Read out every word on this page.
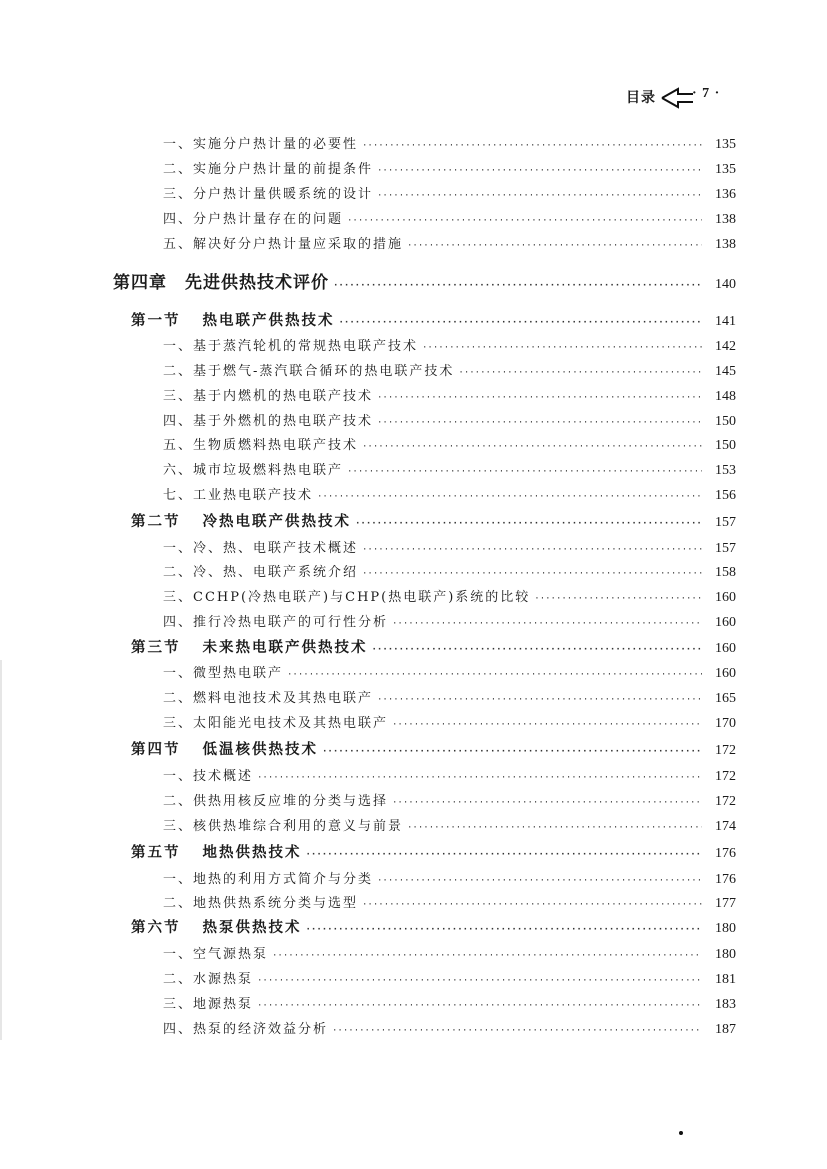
目录	· 7 ·
一、实施分户热计量的必要性 ·····	135
二、实施分户热计量的前提条件 ·····	135
三、分户热计量供暖系统的设计 ·····	136
四、分户热计量存在的问题 ·····	138
五、解决好分户热计量应采取的措施 ·····	138
第四章 先进供热技术评价 ·····	140
第一节 热电联产供热技术 ·····	141
一、基于蒸汽轮机的常规热电联产技术 ·····	142
二、基于燃气-蒸汽联合循环的热电联产技术 ·····	145
三、基于内燃机的热电联产技术 ·····	148
四、基于外燃机的热电联产技术 ·····	150
五、生物质燃料热电联产技术 ·····	150
六、城市垃圾燃料热电联产 ·····	153
七、工业热电联产技术 ·····	156
第二节 冷热电联产供热技术 ·····	157
一、冷、热、电联产技术概述 ·····	157
二、冷、热、电联产系统介绍 ·····	158
三、CCHP(冷热电联产)与CHP(热电联产)系统的比较 ·····	160
四、推行冷热电联产的可行性分析 ·····	160
第三节 未来热电联产供热技术 ·····	160
一、微型热电联产 ·····	160
二、燃料电池技术及其热电联产 ·····	165
三、太阳能光电技术及其热电联产 ·····	170
第四节 低温核供热技术 ·····	172
一、技术概述 ·····	172
二、供热用核反应堆的分类与选择 ·····	172
三、核供热堆综合利用的意义与前景 ·····	174
第五节 地热供热技术 ·····	176
一、地热的利用方式简介与分类 ·····	176
二、地热供热系统分类与选型 ·····	177
第六节 热泵供热技术 ·····	180
一、空气源热泵 ·····	180
二、水源热泵 ·····	181
三、地源热泵 ·····	183
四、热泵的经济效益分析 ·····	187
